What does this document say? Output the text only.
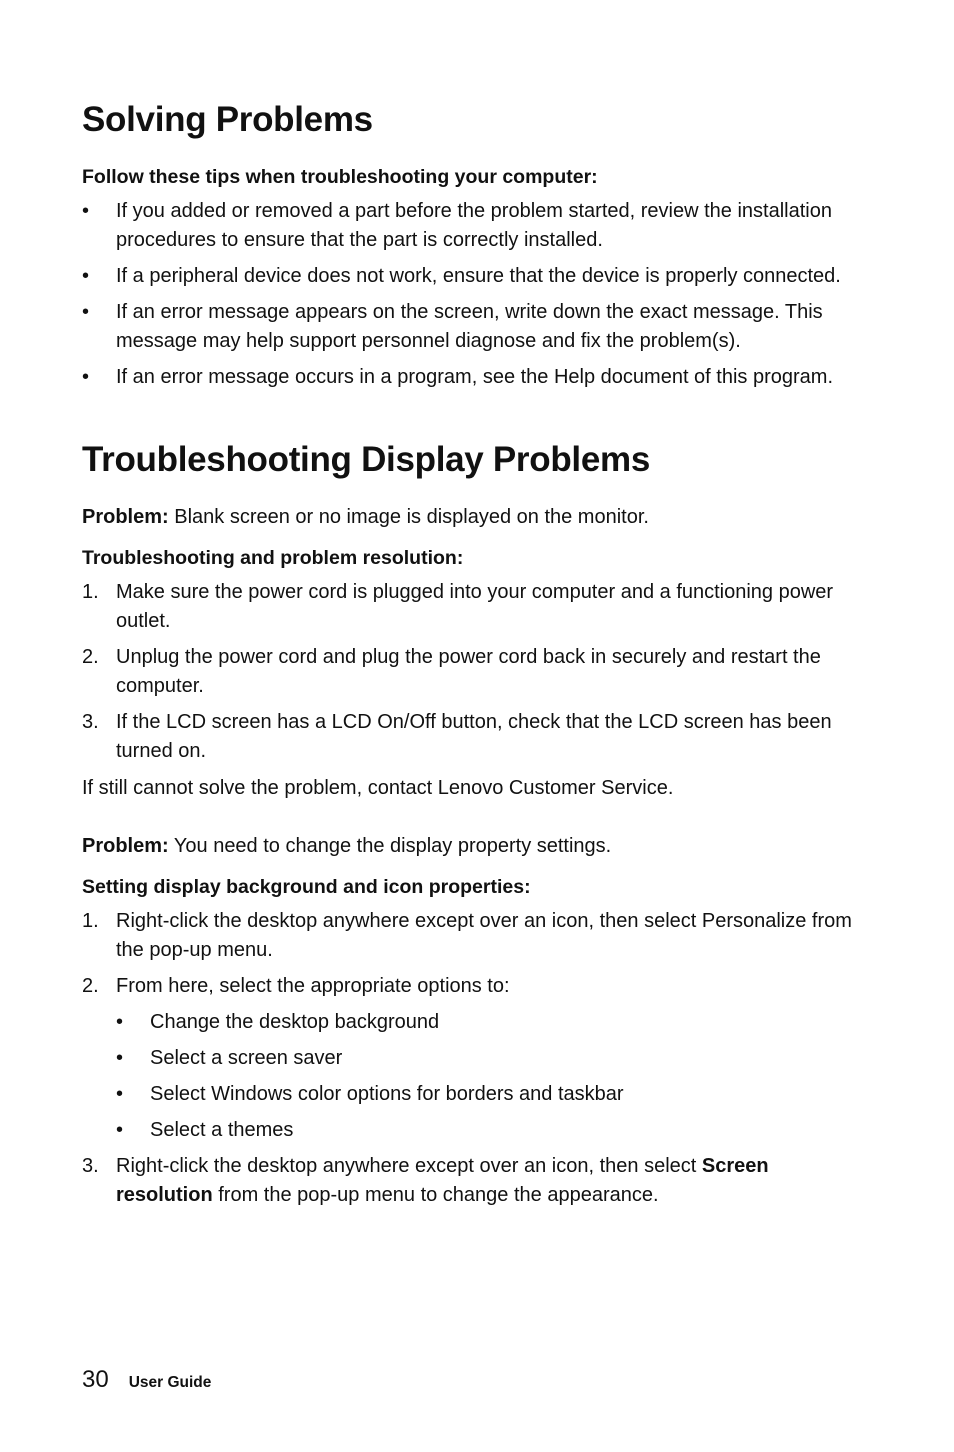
Solving Problems

Follow these tips when troubleshooting your computer:

• If you added or removed a part before the problem started, review the installation procedures to ensure that the part is correctly installed.
• If a peripheral device does not work, ensure that the device is properly connected.
• If an error message appears on the screen, write down the exact message. This message may help support personnel diagnose and fix the problem(s).
• If an error message occurs in a program, see the Help document of this program.
Troubleshooting Display Problems

Problem: Blank screen or no image is displayed on the monitor.

Troubleshooting and problem resolution:

1. Make sure the power cord is plugged into your computer and a functioning power outlet.
2. Unplug the power cord and plug the power cord back in securely and restart the computer.
3. If the LCD screen has a LCD On/Off button, check that the LCD screen has been turned on.

If still cannot solve the problem, contact Lenovo Customer Service.

Problem: You need to change the display property settings.

Setting display background and icon properties:

1. Right-click the desktop anywhere except over an icon, then select Personalize from the pop-up menu.
2. From here, select the appropriate options to:
• Change the desktop background
• Select a screen saver
• Select Windows color options for borders and taskbar
• Select a themes
3. Right-click the desktop anywhere except over an icon, then select Screen resolution from the pop-up menu to change the appearance.
30 User Guide
